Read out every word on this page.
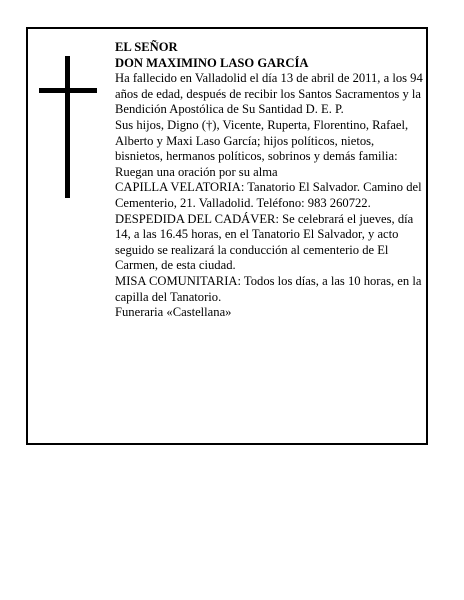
EL SEÑOR

DON MAXIMINO LASO GARCÍA

Ha fallecido en Valladolid el día 13 de abril de 2011, a los 94 años de edad, después de recibir los Santos Sacramentos y la Bendición Apostólica de Su Santidad D. E. P.

Sus hijos, Digno (†), Vicente, Ruperta, Florentino, Rafael, Alberto y Maxi Laso García; hijos políticos, nietos, bisnietos, hermanos políticos, sobrinos y demás familia:

Ruegan una oración por su alma

CAPILLA VELATORIA: Tanatorio El Salvador. Camino del Cementerio, 21. Valladolid. Teléfono: 983 260722.

DESPEDIDA DEL CADÁVER: Se celebrará el jueves, día 14, a las 16.45 horas, en el Tanatorio El Salvador, y acto seguido se realizará la conducción al cementerio de El Carmen, de esta ciudad.

MISA COMUNITARIA: Todos los días, a las 10 horas, en la capilla del Tanatorio.

Funeraria «Castellana»
